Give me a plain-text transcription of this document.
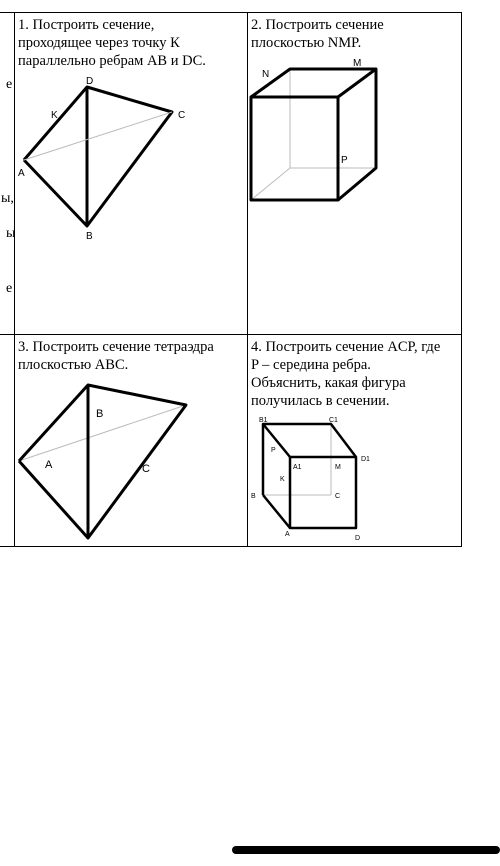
е
ы,
ы
е
1. Построить сечение,
проходящее через точку К
параллельно ребрам AB и DC.
D
K	C
A
B
2. Построить сечение
плоскостью NMP.
N
M
P
3. Построить сечение тетраэдра
плоскостью ABC.
B
A	C
4. Построить сечение ACP, где
P – середина ребра.
Объяснить, какая фигура
получилась в сечении.
B1	C1
P
A1	M
D1
K
B	C
A
D
